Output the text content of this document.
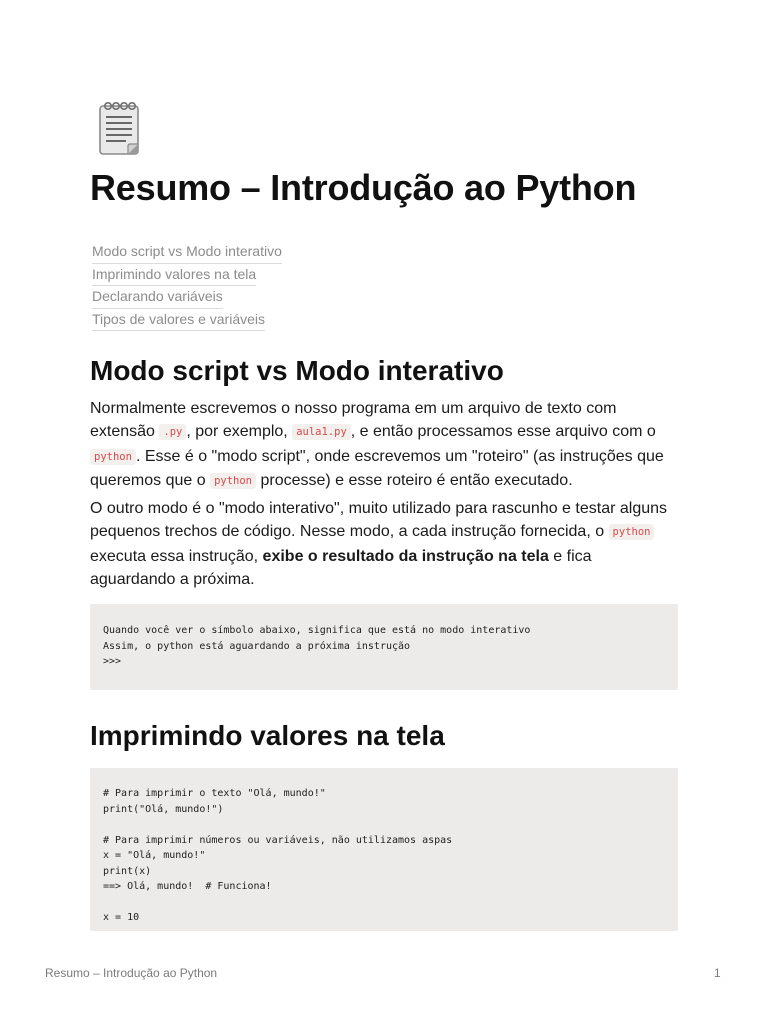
Resumo – Introdução ao Python
Modo script vs Modo interativo
Imprimindo valores na tela
Declarando variáveis
Tipos de valores e variáveis
Modo script vs Modo interativo

Normalmente escrevemos o nosso programa em um arquivo de texto com extensão .py , por exemplo, aula1.py , e então processamos esse arquivo com o python . Esse é o "modo script", onde escrevemos um "roteiro" (as instruções que queremos que o python processe) e esse roteiro é então executado.

O outro modo é o "modo interativo", muito utilizado para rascunho e testar alguns pequenos trechos de código. Nesse modo, a cada instrução fornecida, o python executa essa instrução, exibe o resultado da instrução na tela e fica aguardando a próxima.

Quando você ver o símbolo abaixo, significa que está no modo interativo
Assim, o python está aguardando a próxima instrução
>>>
Imprimindo valores na tela
# Para imprimir o texto "Olá, mundo!"
print("Olá, mundo!")
# Para imprimir números ou variáveis, não utilizamos aspas
x = "Olá, mundo!"
print(x)
==> Olá, mundo!  # Funciona!
x = 10
Resumo – Introdução ao Python	1
